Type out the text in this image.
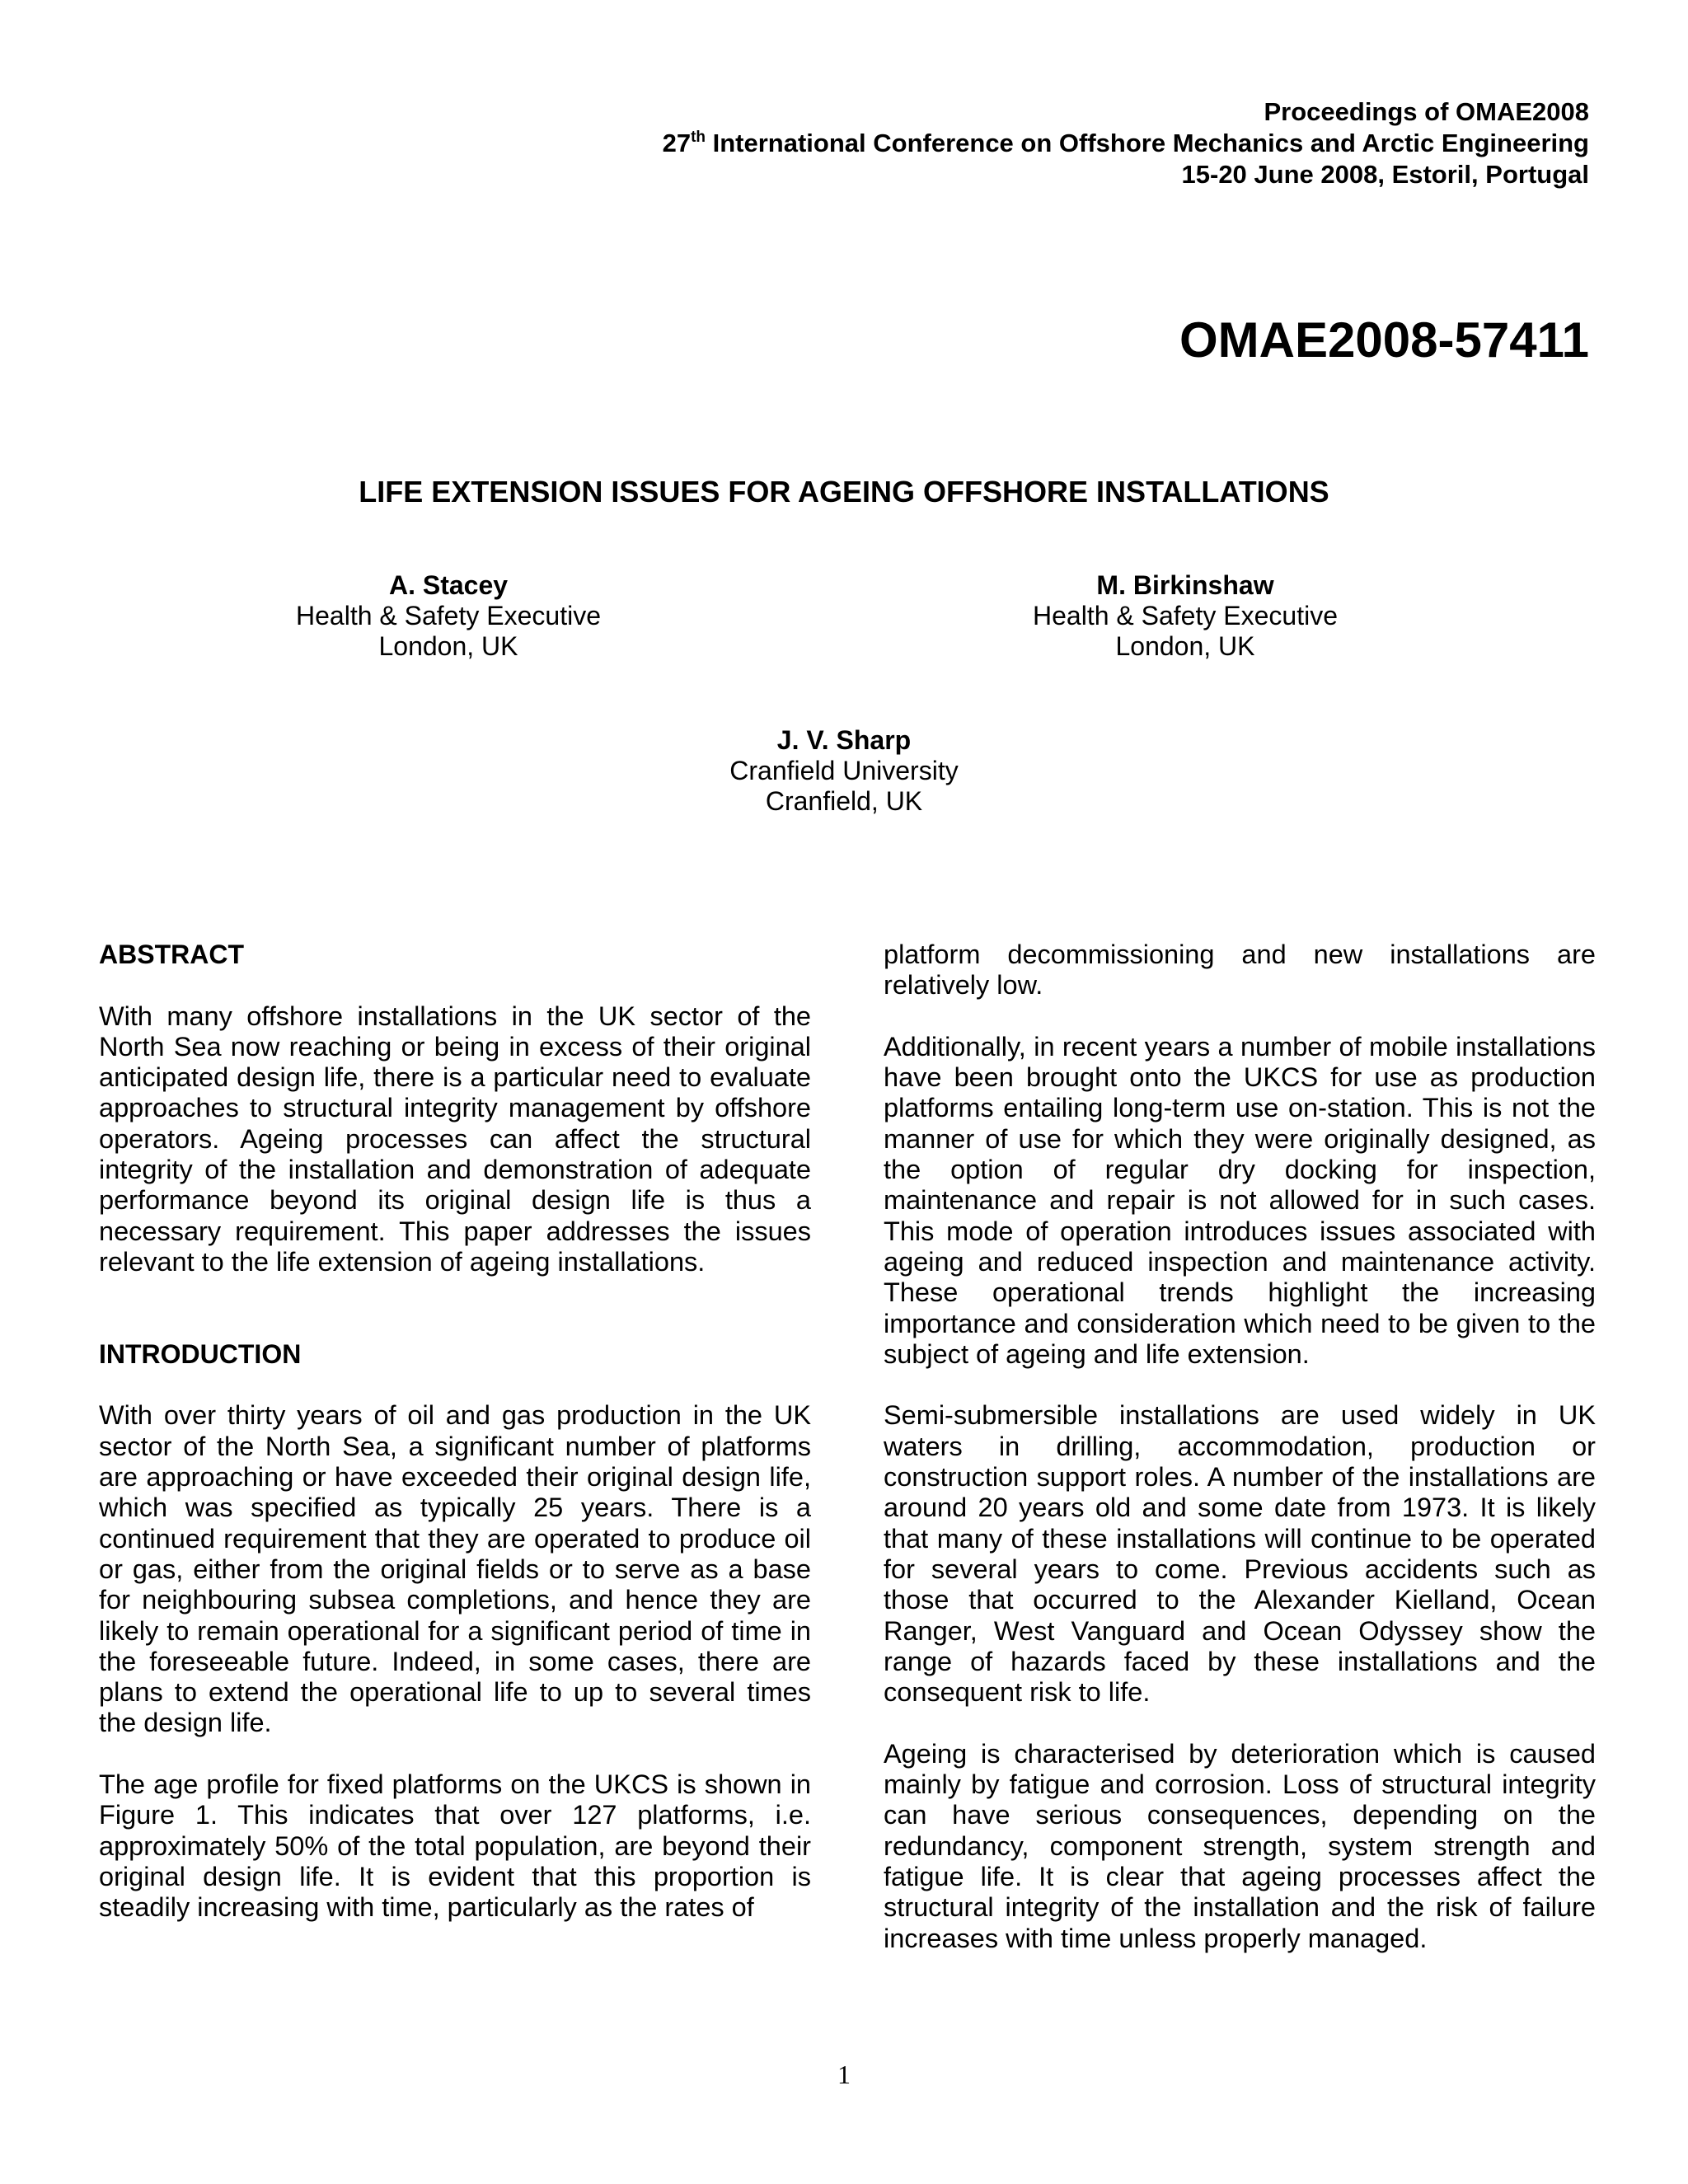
Proceedings of OMAE2008
27th International Conference on Offshore Mechanics and Arctic Engineering
15-20 June 2008, Estoril, Portugal
OMAE2008-57411
LIFE EXTENSION ISSUES FOR AGEING OFFSHORE INSTALLATIONS
A. Stacey
Health & Safety Executive
London, UK
M. Birkinshaw
Health & Safety Executive
London, UK
J. V. Sharp
Cranfield University
Cranfield, UK
ABSTRACT

With many offshore installations in the UK sector of the North Sea now reaching or being in excess of their original anticipated design life, there is a particular need to evaluate approaches to structural integrity management by offshore operators. Ageing processes can affect the structural integrity of the installation and demonstration of adequate performance beyond its original design life is thus a necessary requirement. This paper addresses the issues relevant to the life extension of ageing installations.

INTRODUCTION

With over thirty years of oil and gas production in the UK sector of the North Sea, a significant number of platforms are approaching or have exceeded their original design life, which was specified as typically 25 years. There is a continued requirement that they are operated to produce oil or gas, either from the original fields or to serve as a base for neighbouring subsea completions, and hence they are likely to remain operational for a significant period of time in the foreseeable future. Indeed, in some cases, there are plans to extend the operational life to up to several times the design life.

The age profile for fixed platforms on the UKCS is shown in Figure 1. This indicates that over 127 platforms, i.e. approximately 50% of the total population, are beyond their original design life. It is evident that this proportion is steadily increasing with time, particularly as the rates of

platform decommissioning and new installations are relatively low.

Additionally, in recent years a number of mobile installations have been brought onto the UKCS for use as production platforms entailing long-term use on-station. This is not the manner of use for which they were originally designed, as the option of regular dry docking for inspection, maintenance and repair is not allowed for in such cases. This mode of operation introduces issues associated with ageing and reduced inspection and maintenance activity. These operational trends highlight the increasing importance and consideration which need to be given to the subject of ageing and life extension.

Semi-submersible installations are used widely in UK waters in drilling, accommodation, production or construction support roles. A number of the installations are around 20 years old and some date from 1973. It is likely that many of these installations will continue to be operated for several years to come. Previous accidents such as those that occurred to the Alexander Kielland, Ocean Ranger, West Vanguard and Ocean Odyssey show the range of hazards faced by these installations and the consequent risk to life.

Ageing is characterised by deterioration which is caused mainly by fatigue and corrosion. Loss of structural integrity can have serious consequences, depending on the redundancy, component strength, system strength and fatigue life. It is clear that ageing processes affect the structural integrity of the installation and the risk of failure increases with time unless properly managed.

1
